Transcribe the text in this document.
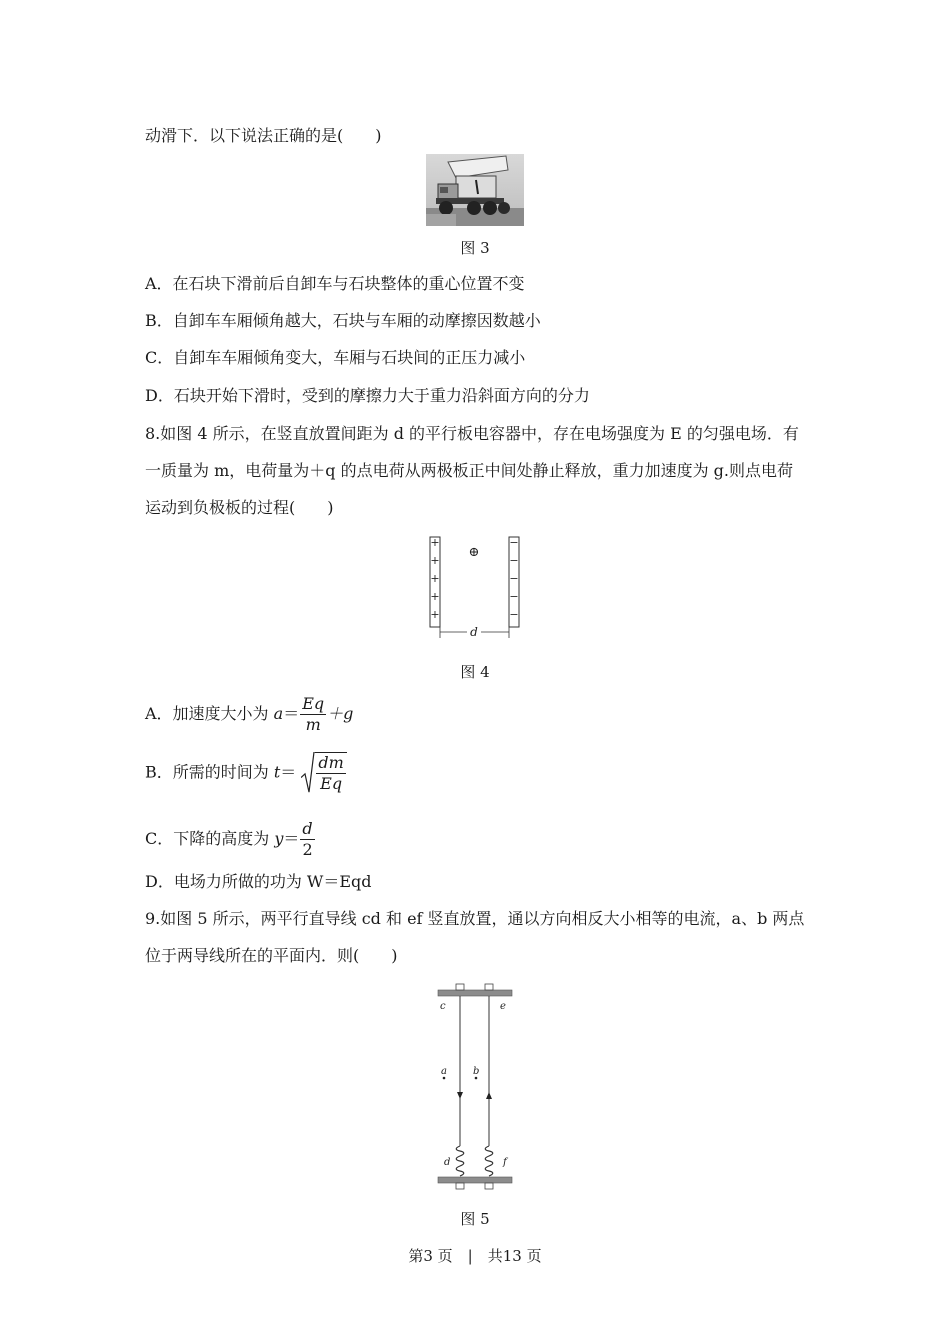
动滑下．以下说法正确的是(　　)
图 3
A．在石块下滑前后自卸车与石块整体的重心位置不变
B．自卸车车厢倾角越大，石块与车厢的动摩擦因数越小
C．自卸车车厢倾角变大，车厢与石块间的正压力减小
D．石块开始下滑时，受到的摩擦力大于重力沿斜面方向的分力
8.如图 4 所示，在竖直放置间距为 d 的平行板电容器中，存在电场强度为 E 的匀强电场．有
一质量为 m，电荷量为＋q 的点电荷从两极板正中间处静止释放，重力加速度为 g.则点电荷
运动到负极板的过程(　　)
+
+
+
+
+
−
−
−
−
−
⊕
d
图 4
A．加速度大小为 $a= \frac{Eq}{m} +g$
B．所需的时间为 $t= \frac{dm}{Eq}$
C．下降的高度为 $y= \frac{d}{2}$
D．电场力所做的功为 W＝Eqd
9.如图 5 所示，两平行直导线 cd 和 ef 竖直放置，通以方向相反大小相等的电流，a、b 两点
位于两导线所在的平面内．则(　　)
c	e
a	b
d	f
图 5
第3 页　|　共13 页
